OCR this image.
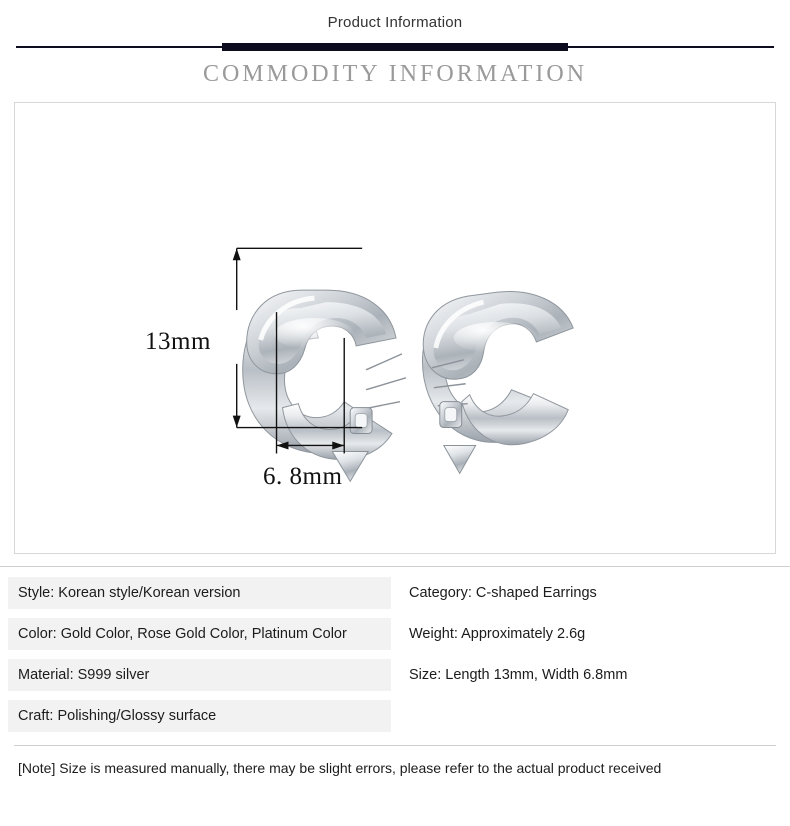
Product Information
COMMODITY INFORMATION
13mm
6. 8mm
Style: Korean style/Korean version
Color: Gold Color, Rose Gold Color, Platinum Color
Material: S999 silver
Craft: Polishing/Glossy surface
Category: C-shaped Earrings
Weight: Approximately 2.6g
Size: Length 13mm, Width 6.8mm
[Note] Size is measured manually, there may be slight errors, please refer to the actual product received
